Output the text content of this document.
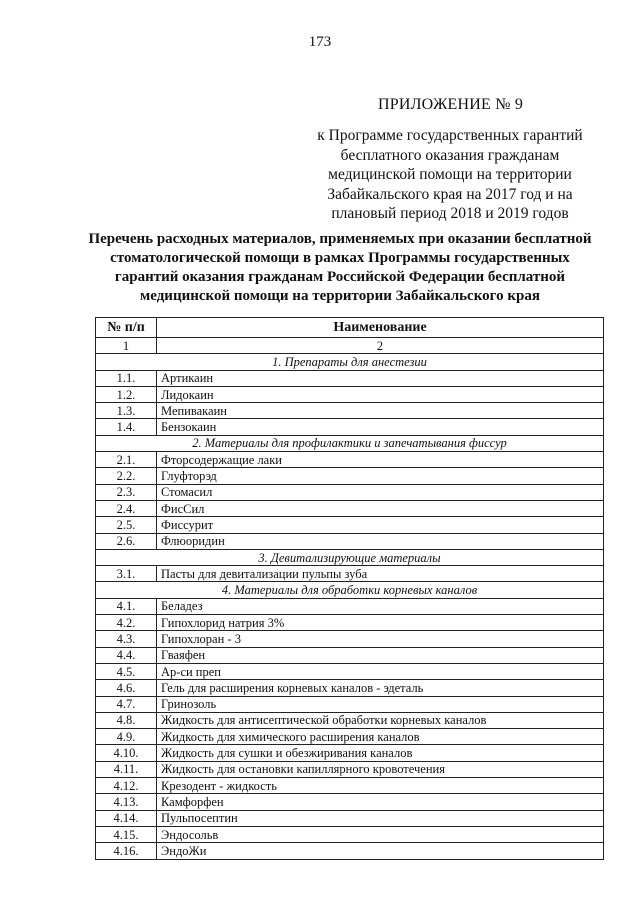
173
ПРИЛОЖЕНИЕ № 9
к Программе государственных гарантий
бесплатного оказания гражданам
медицинской помощи на территории
Забайкальского края на 2017 год и на
плановый период 2018 и 2019 годов
Перечень расходных материалов, применяемых при оказании бесплатной
стоматологической помощи в рамках Программы государственных
гарантий оказания гражданам Российской Федерации бесплатной
медицинской помощи на территории Забайкальского края
№ п/п	Наименование
1	2
1. Препараты для анестезии	
1.1.	Артикаин
1.2.	Лидокаин
1.3.	Мепивакаин
1.4.	Бензокаин
2. Материалы для профилактики и запечатывания фиссур	
2.1.	Фторсодержащие лаки
2.2.	Глуфторэд
2.3.	Стомасил
2.4.	ФисСил
2.5.	Фиссурит
2.6.	Флюоридин
3. Девитализирующие материалы	
3.1.	Пасты для девитализации пульпы зуба
4. Материалы для обработки корневых каналов	
4.1.	Беладез
4.2.	Гипохлорид натрия 3%
4.3.	Гипохлоран - 3
4.4.	Гваяфен
4.5.	Ар-си преп
4.6.	Гель для расширения корневых каналов - эдеталь
4.7.	Гринозоль
4.8.	Жидкость для антисептической обработки корневых каналов
4.9.	Жидкость для химического расширения каналов
4.10.	Жидкость для сушки и обезжиривания каналов
4.11.	Жидкость для остановки капиллярного кровотечения
4.12.	Крезодент - жидкость
4.13.	Камфорфен
4.14.	Пульпосептин
4.15.	Эндосольв
4.16.	ЭндоЖи
